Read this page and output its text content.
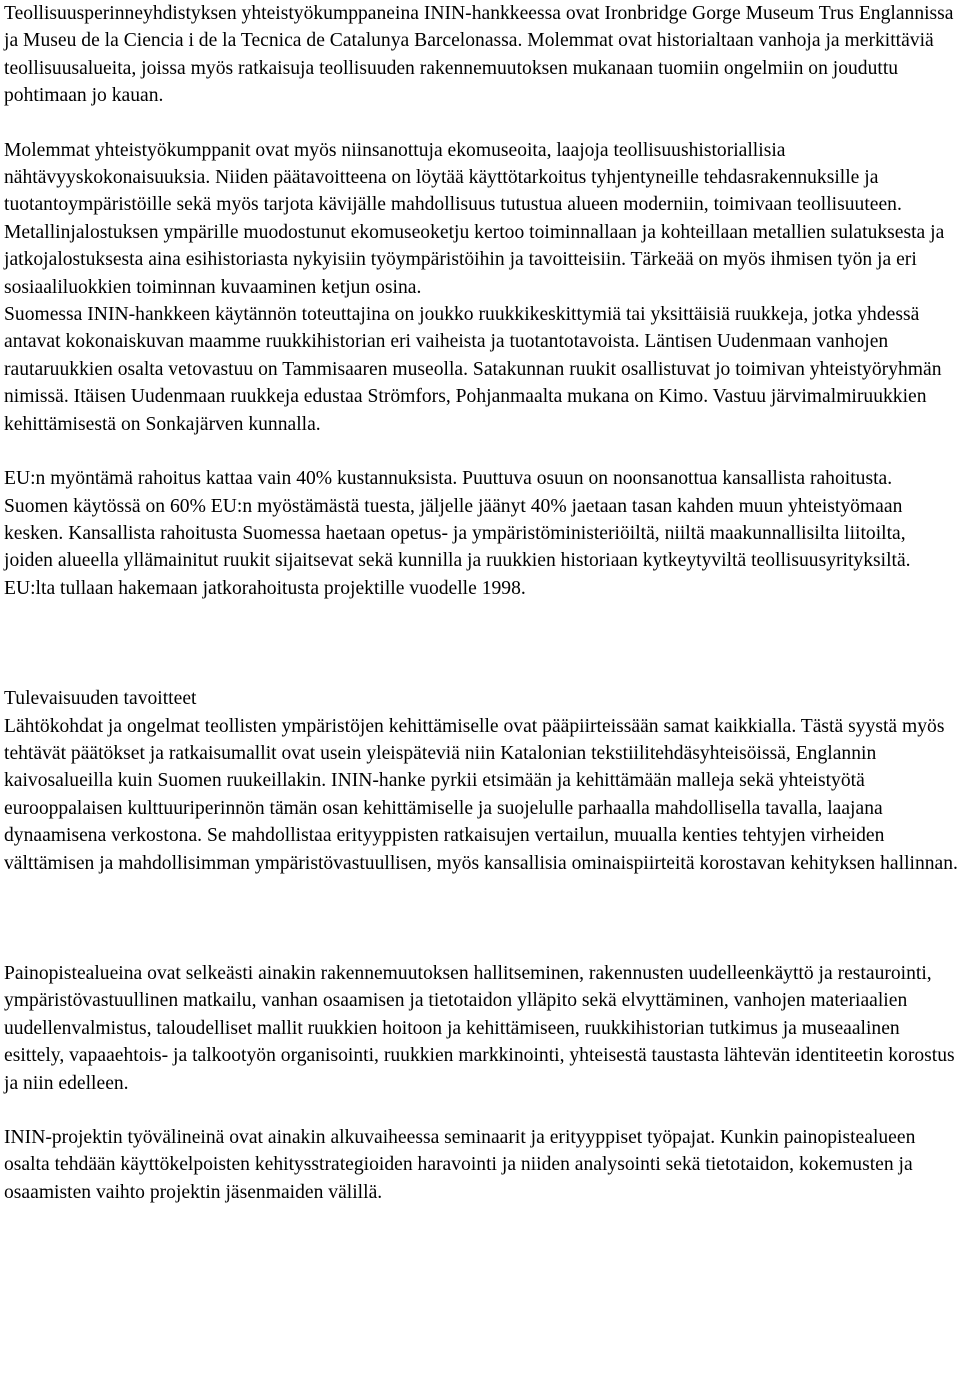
Teollisuusperinneyhdistyksen yhteistyökumppaneina ININ-hankkeessa ovat Ironbridge Gorge Museum Trus Englannissa ja Museu de la Ciencia i de la Tecnica de Catalunya Barcelonassa. Molemmat ovat historialtaan vanhoja ja merkittäviä teollisuusalueita, joissa myös ratkaisuja teollisuuden rakennemuutoksen mukanaan tuomiin ongelmiin on jouduttu pohtimaan jo kauan.

Molemmat yhteistyökumppanit ovat myös niinsanottuja ekomuseoita, laajoja teollisuushistoriallisia nähtävyyskokonaisuuksia. Niiden päätavoitteena on löytää käyttötarkoitus tyhjentyneille tehdasrakennuksille ja tuotantoympäristöille sekä myös tarjota kävijälle mahdollisuus tutustua alueen moderniin, toimivaan teollisuuteen. Metallinjalostuksen ympärille muodostunut ekomuseoketju kertoo toiminnallaan ja kohteillaan metallien sulatuksesta ja jatkojalostuksesta aina esihistoriasta nykyisiin työympäristöihin ja tavoitteisiin. Tärkeää on myös ihmisen työn ja eri sosiaaliluokkien toiminnan kuvaaminen ketjun osina.

Suomessa ININ-hankkeen käytännön toteuttajina on joukko ruukkikeskittymiä tai yksittäisiä ruukkeja, jotka yhdessä antavat kokonaiskuvan maamme ruukkihistorian eri vaiheista ja tuotantotavoista. Läntisen Uudenmaan vanhojen rautaruukkien osalta vetovastuu on Tammisaaren museolla. Satakunnan ruukit osallistuvat jo toimivan yhteistyöryhmän nimissä. Itäisen Uudenmaan ruukkeja edustaa Strömfors, Pohjanmaalta mukana on Kimo. Vastuu järvimalmiruukkien kehittämisestä on Sonkajärven kunnalla.

EU:n myöntämä rahoitus kattaa vain 40% kustannuksista. Puuttuva osuun on noonsanottua kansallista rahoitusta. Suomen käytössä on 60% EU:n myöstämästä tuesta, jäljelle jäänyt 40% jaetaan tasan kahden muun yhteistyömaan kesken. Kansallista rahoitusta Suomessa haetaan opetus- ja ympäristöministeriöiltä, niiltä maakunnallisilta liitoilta, joiden alueella yllämainitut ruukit sijaitsevat sekä kunnilla ja ruukkien historiaan kytkeytyviltä teollisuusyrityksiltä. EU:lta tullaan hakemaan jatkorahoitusta projektille vuodelle 1998.

Tulevaisuuden tavoitteet

Lähtökohdat ja ongelmat teollisten ympäristöjen kehittämiselle ovat pääpiirteissään samat kaikkialla. Tästä syystä myös tehtävät päätökset ja ratkaisumallit ovat usein yleispäteviä niin Katalonian tekstiilitehdäsyhteisöissä, Englannin kaivosalueilla kuin Suomen ruukeillakin. ININ-hanke pyrkii etsimään ja kehittämään malleja sekä yhteistyötä eurooppalaisen kulttuuriperinnön tämän osan kehittämiselle ja suojelulle parhaalla mahdollisella tavalla, laajana dynaamisena verkostona. Se mahdollistaa erityyppisten ratkaisujen vertailun, muualla kenties tehtyjen virheiden välttämisen ja mahdollisimman ympäristövastuullisen, myös kansallisia ominaispiirteitä korostavan kehityksen hallinnan.

Painopistealueina ovat selkeästi ainakin rakennemuutoksen hallitseminen, rakennusten uudelleenkäyttö ja restaurointi, ympäristövastuullinen matkailu, vanhan osaamisen ja tietotaidon ylläpito sekä elvyttäminen, vanhojen materiaalien uudellenvalmistus, taloudelliset mallit ruukkien hoitoon ja kehittämiseen, ruukkihistorian tutkimus ja museaalinen esittely, vapaaehtois- ja talkootyön organisointi, ruukkien markkinointi, yhteisestä taustasta lähtevän identiteetin korostus ja niin edelleen.

ININ-projektin työvälineinä ovat ainakin alkuvaiheessa seminaarit ja erityyppiset työpajat. Kunkin painopistealueen osalta tehdään käyttökelpoisten kehitysstrategioiden haravointi ja niiden analysointi sekä tietotaidon, kokemusten ja osaamisten vaihto projektin jäsenmaiden välillä.
